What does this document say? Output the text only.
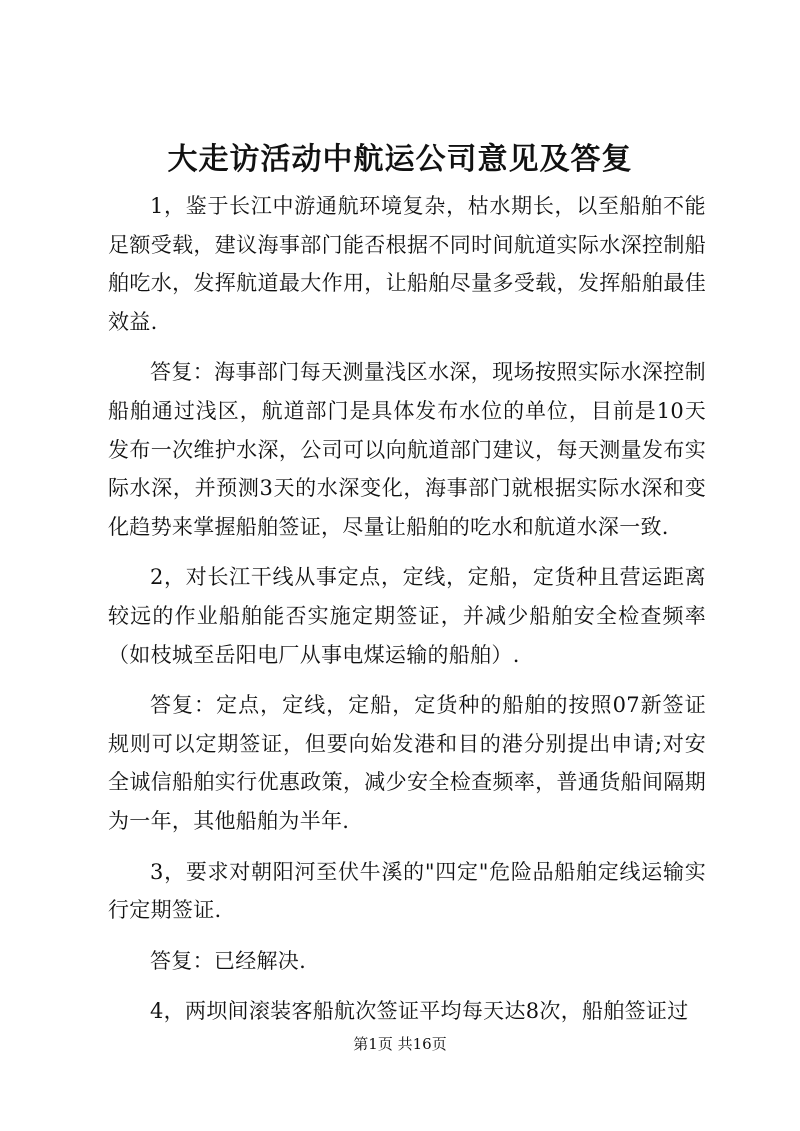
大走访活动中航运公司意见及答复

1，鉴于长江中游通航环境复杂，枯水期长，以至船舶不能足额受载，建议海事部门能否根据不同时间航道实际水深控制船舶吃水，发挥航道最大作用，让船舶尽量多受载，发挥船舶最佳效益.

答复：海事部门每天测量浅区水深，现场按照实际水深控制船舶通过浅区，航道部门是具体发布水位的单位，目前是10天发布一次维护水深，公司可以向航道部门建议，每天测量发布实际水深，并预测3天的水深变化，海事部门就根据实际水深和变化趋势来掌握船舶签证，尽量让船舶的吃水和航道水深一致.

2，对长江干线从事定点，定线，定船，定货种且营运距离较远的作业船舶能否实施定期签证，并减少船舶安全检查频率（如枝城至岳阳电厂从事电煤运输的船舶）.

答复：定点，定线，定船，定货种的船舶的按照07新签证规则可以定期签证，但要向始发港和目的港分别提出申请;对安全诚信船舶实行优惠政策，减少安全检查频率，普通货船间隔期为一年，其他船舶为半年.

3，要求对朝阳河至伏牛溪的"四定"危险品船舶定线运输实行定期签证.

答复：已经解决.

4，两坝间滚装客船航次签证平均每天达8次，船舶签证过

第1页 共16页
